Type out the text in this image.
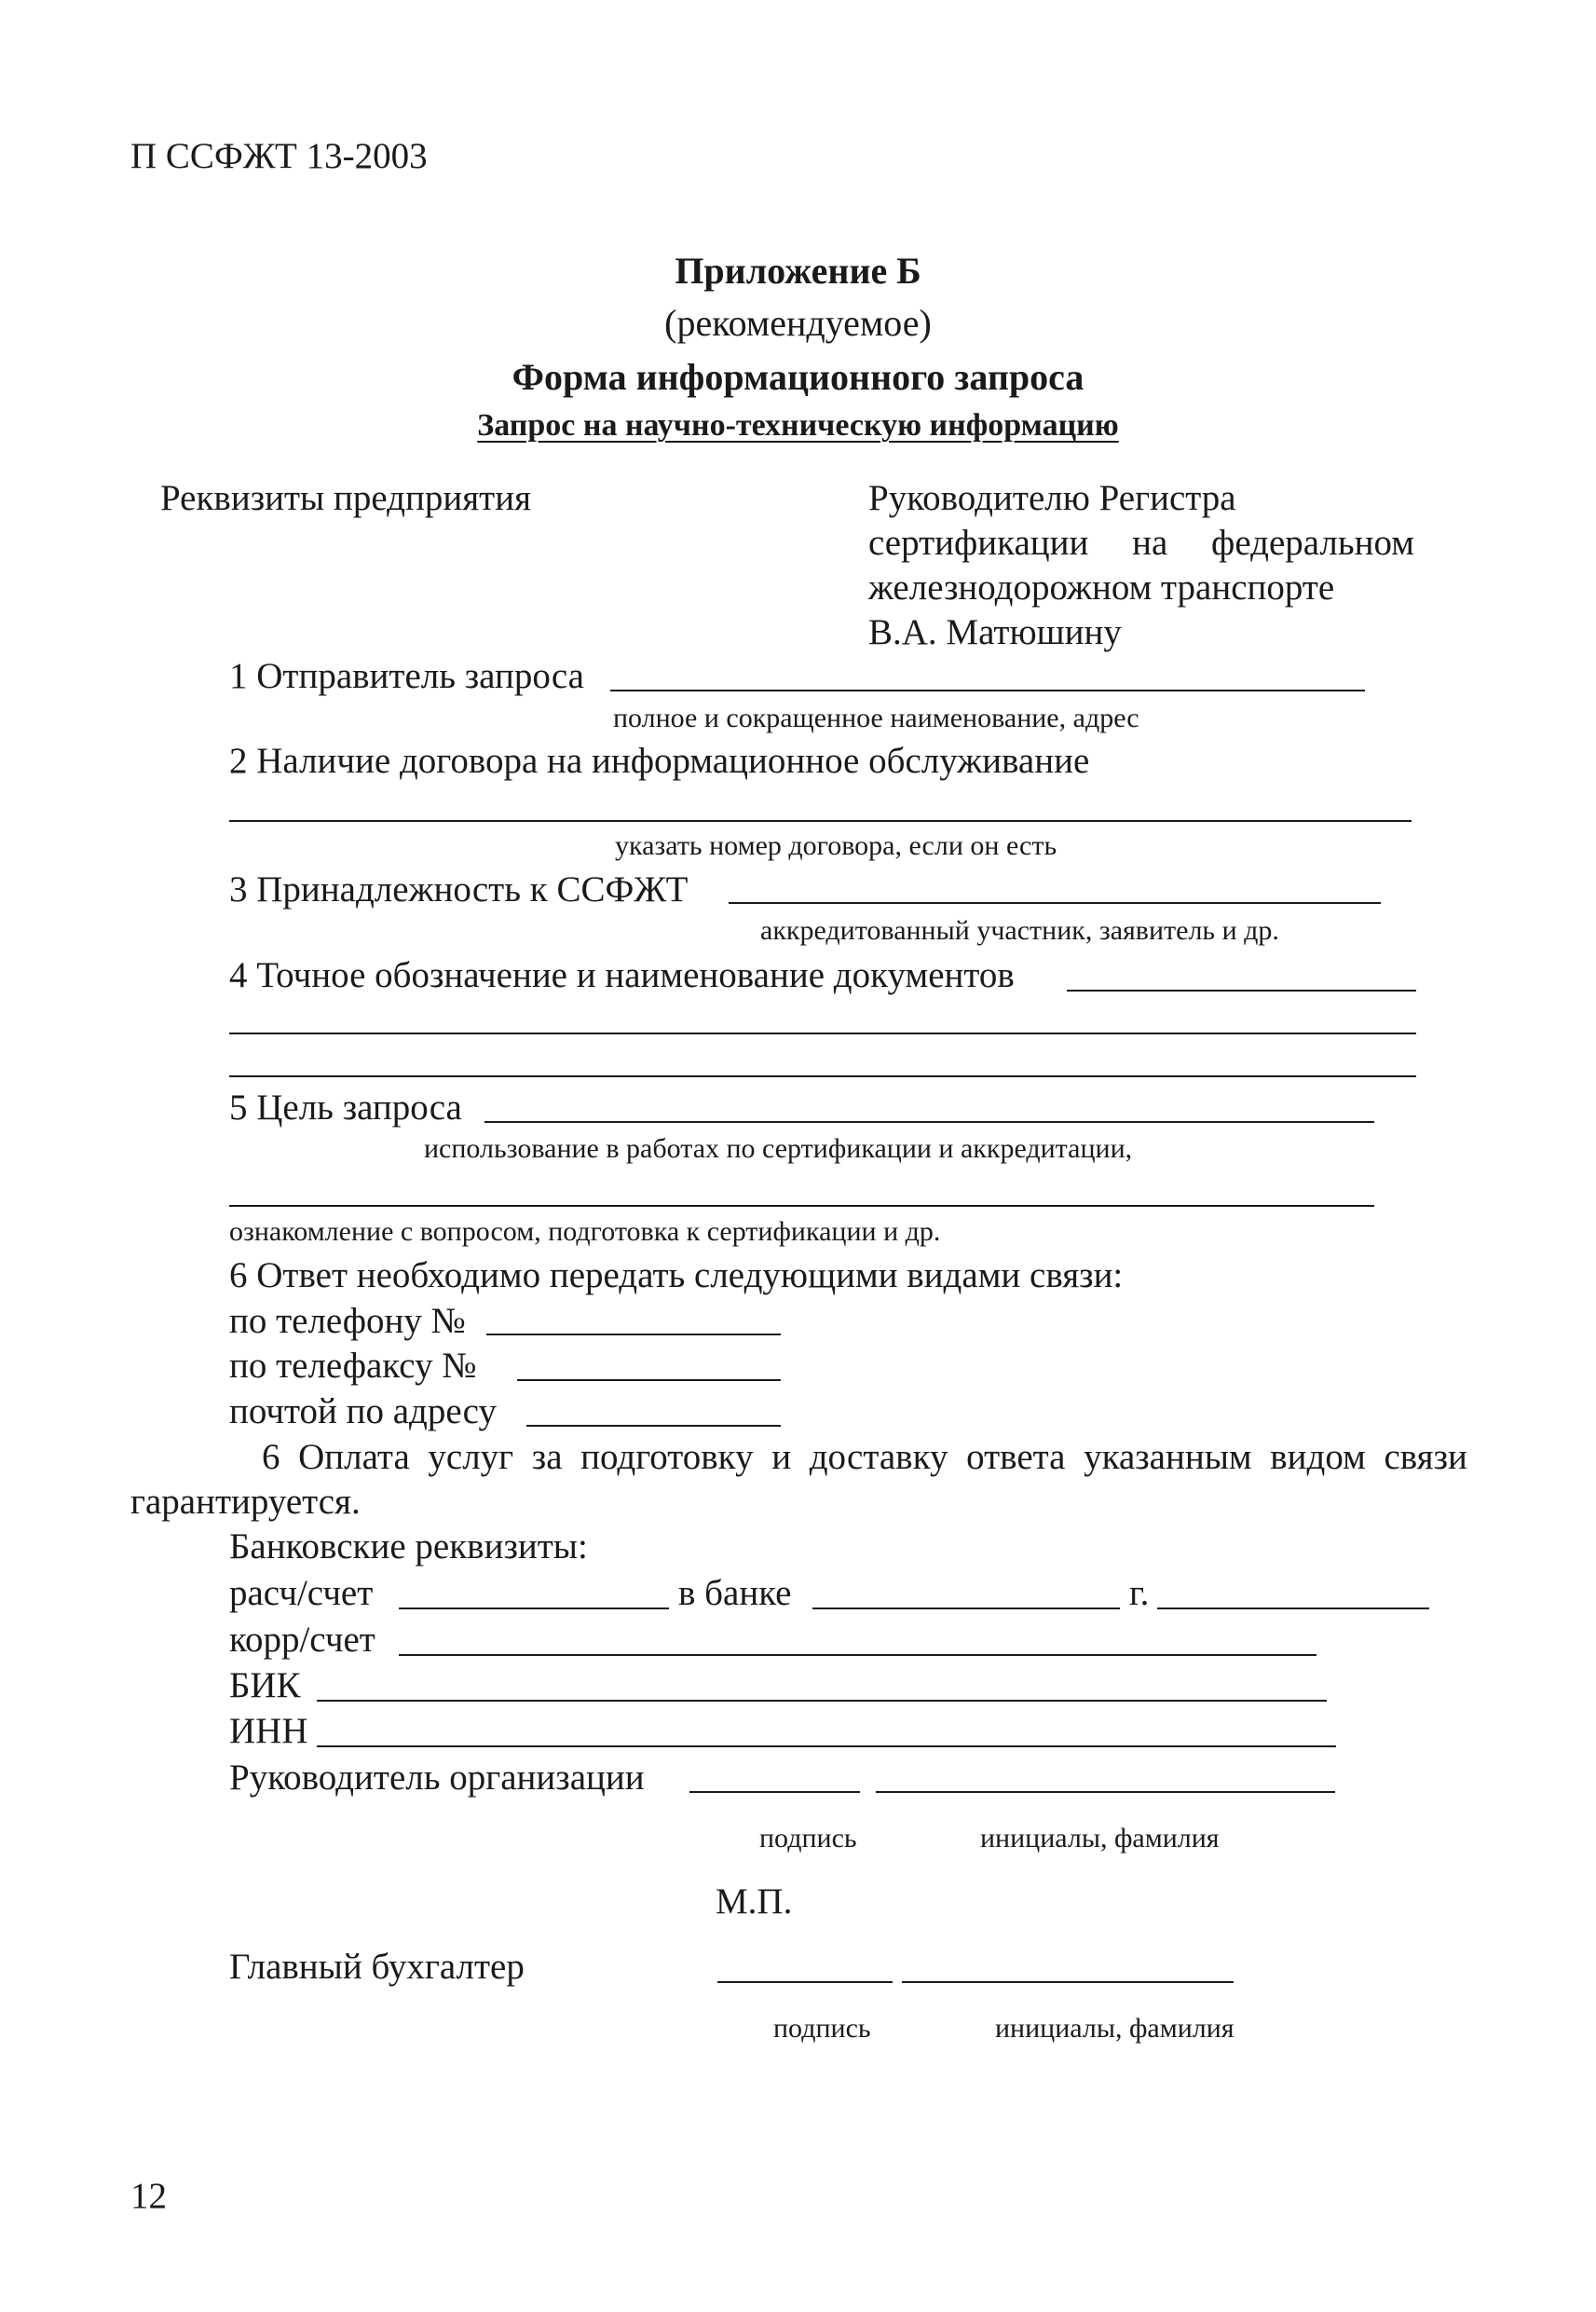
П ССФЖТ 13-2003
Приложение Б
(рекомендуемое)
Форма информационного запроса
Запрос на научно-техническую информацию
Реквизиты предприятия	Руководителю Регистра
сертификации на федеральном
железнодорожном транспорте
В.А. Матюшину
1 Отправитель запроса
полное и сокращенное наименование, адрес
2 Наличие договора на информационное обслуживание
указать номер договора, если он есть
3 Принадлежность к ССФЖТ
аккредитованный участник, заявитель и др.
4 Точное обозначение и наименование документов
5 Цель запроса
использование в работах по сертификации и аккредитации,
ознакомление с вопросом, подготовка к сертификации и др.
6 Ответ необходимо передать следующими видами связи:
по телефону №
по телефаксу №
почтой по адресу
6 Оплата услуг за подготовку и доставку ответа указанным видом связи
гарантируется.
Банковские реквизиты:
расч/счет	в банке	г.
корр/счет
БИК
ИНН
Руководитель организации
подпись	инициалы, фамилия
М.П.
Главный бухгалтер
подпись	инициалы, фамилия
12
